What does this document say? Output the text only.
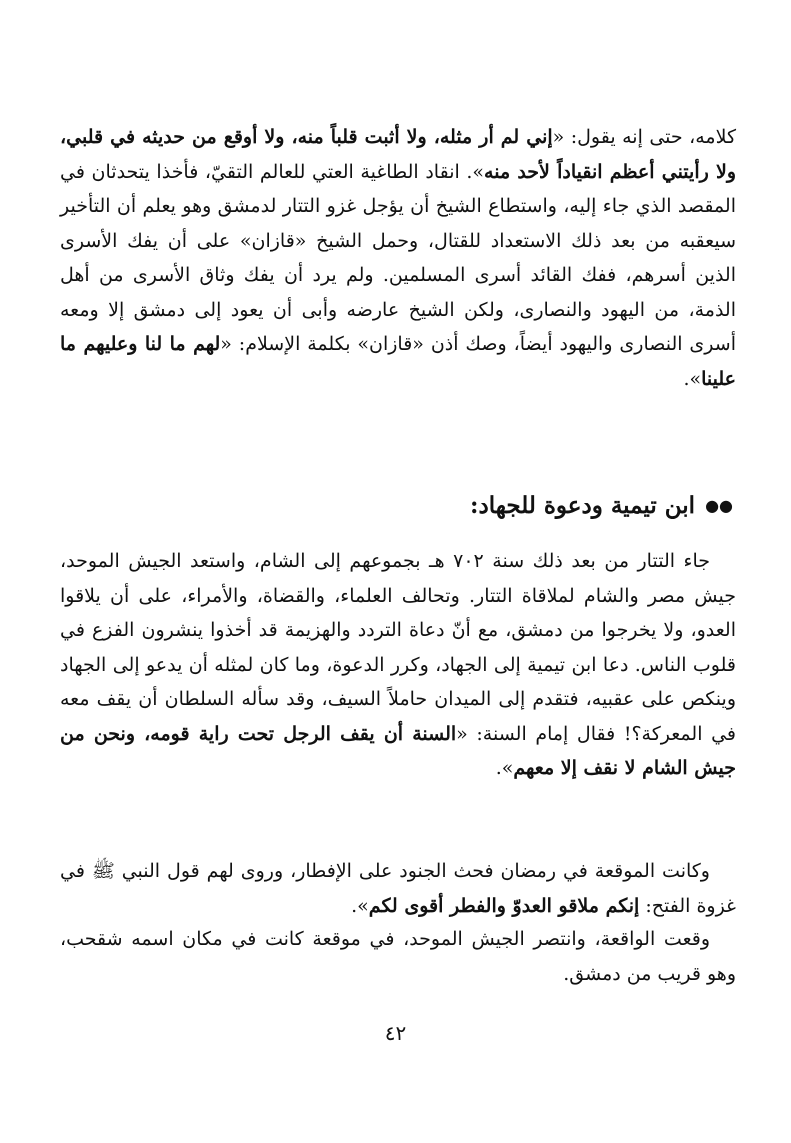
كلامه، حتى إنه يقول: «إني لم أر مثله، ولا أثبت قلباً منه، ولا أوقع من حديثه في قلبي، ولا رأيتني أعظم انقياداً لأحد منه». انقاد الطاغية العتي للعالم التقيّ، فأخذا يتحدثان في المقصد الذي جاء إليه، واستطاع الشيخ أن يؤجل غزو التتار لدمشق وهو يعلم أن التأخير سيعقبه من بعد ذلك الاستعداد للقتال، وحمل الشيخ «قازان» على أن يفك الأسرى الذين أسرهم، ففك القائد أسرى المسلمين. ولم يرد أن يفك وثاق الأسرى من أهل الذمة، من اليهود والنصارى، ولكن الشيخ عارضه وأبى أن يعود إلى دمشق إلا ومعه أسرى النصارى واليهود أيضاً، وصك أذن «قازان» بكلمة الإسلام: «لهم ما لنا وعليهم ما علينا».

●●ابن تيمية ودعوة للجهاد:

جاء التتار من بعد ذلك سنة ٧٠٢ هـ بجموعهم إلى الشام، واستعد الجيش الموحد، جيش مصر والشام لملاقاة التتار. وتحالف العلماء، والقضاة، والأمراء، على أن يلاقوا العدو، ولا يخرجوا من دمشق، مع أنّ دعاة التردد والهزيمة قد أخذوا ينشرون الفزع في قلوب الناس. دعا ابن تيمية إلى الجهاد، وكرر الدعوة، وما كان لمثله أن يدعو إلى الجهاد وينكص على عقبيه، فتقدم إلى الميدان حاملاً السيف، وقد سأله السلطان أن يقف معه في المعركة؟! فقال إمام السنة: «السنة أن يقف الرجل تحت راية قومه، ونحن من جيش الشام لا نقف إلا معهم».

وكانت الموقعة في رمضان فحث الجنود على الإفطار، وروى لهم قول النبي ﷺ في غزوة الفتح: إنكم ملاقو العدوّ والفطر أقوى لكم».

وقعت الواقعة، وانتصر الجيش الموحد، في موقعة كانت في مكان اسمه شقحب، وهو قريب من دمشق.

٤٢
